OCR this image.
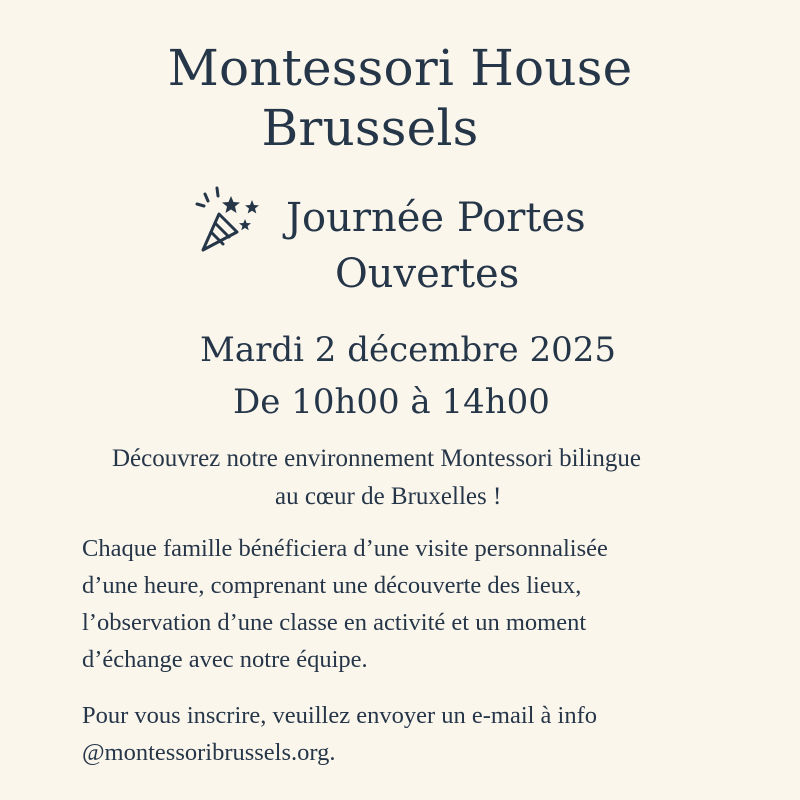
Montessori House
Brussels
Journée Portes
Ouvertes
Mardi 2 décembre 2025
De 10h00 à 14h00
Découvrez notre environnement Montessori bilingue
au cœur de Bruxelles !

Chaque famille bénéficiera d’une visite personnalisée
d’une heure, comprenant une découverte des lieux,
l’observation d’une classe en activité et un moment
d’échange avec notre équipe.

Pour vous inscrire, veuillez envoyer un e-mail à info
@montessoribrussels.org.
